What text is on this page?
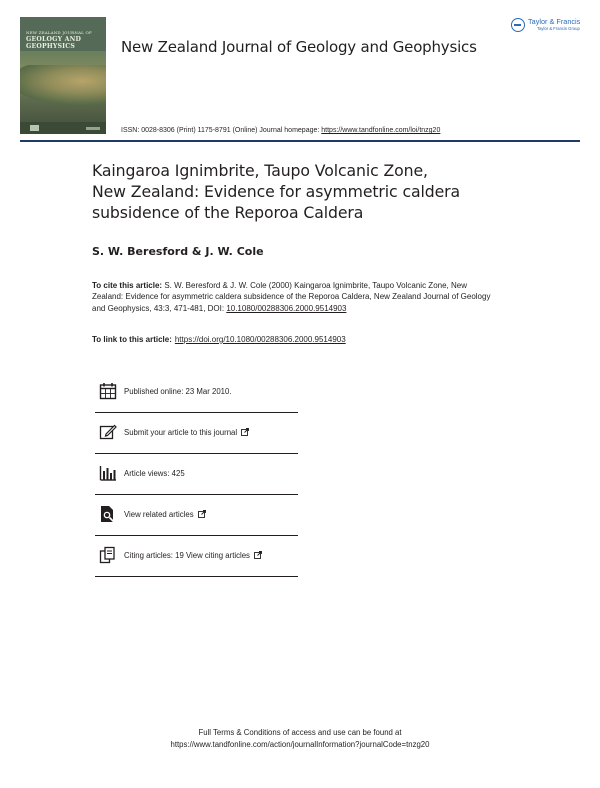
NEW ZEALAND JOURNAL OF
GEOLOGY AND
GEOPHYSICS	New Zealand Journal of Geology and Geophysics
Taylor & Francis
Taylor & Francis Group
ISSN: 0028-8306 (Print) 1175-8791 (Online) Journal homepage: https://www.tandfonline.com/loi/tnzg20
Kaingaroa Ignimbrite, Taupo Volcanic Zone,
New Zealand: Evidence for asymmetric caldera
subsidence of the Reporoa Caldera
S. W. Beresford & J. W. Cole
To cite this article: S. W. Beresford & J. W. Cole (2000) Kaingaroa Ignimbrite, Taupo Volcanic Zone, New Zealand: Evidence for asymmetric caldera subsidence of the Reporoa Caldera, New Zealand Journal of Geology and Geophysics, 43:3, 471-481, DOI: 10.1080/00288306.2000.9514903
To link to this article: https://doi.org/10.1080/00288306.2000.9514903
Published online: 23 Mar 2010.
Submit your article to this journal
Article views: 425
View related articles
Citing articles: 19 View citing articles
Full Terms & Conditions of access and use can be found at
https://www.tandfonline.com/action/journalInformation?journalCode=tnzg20
